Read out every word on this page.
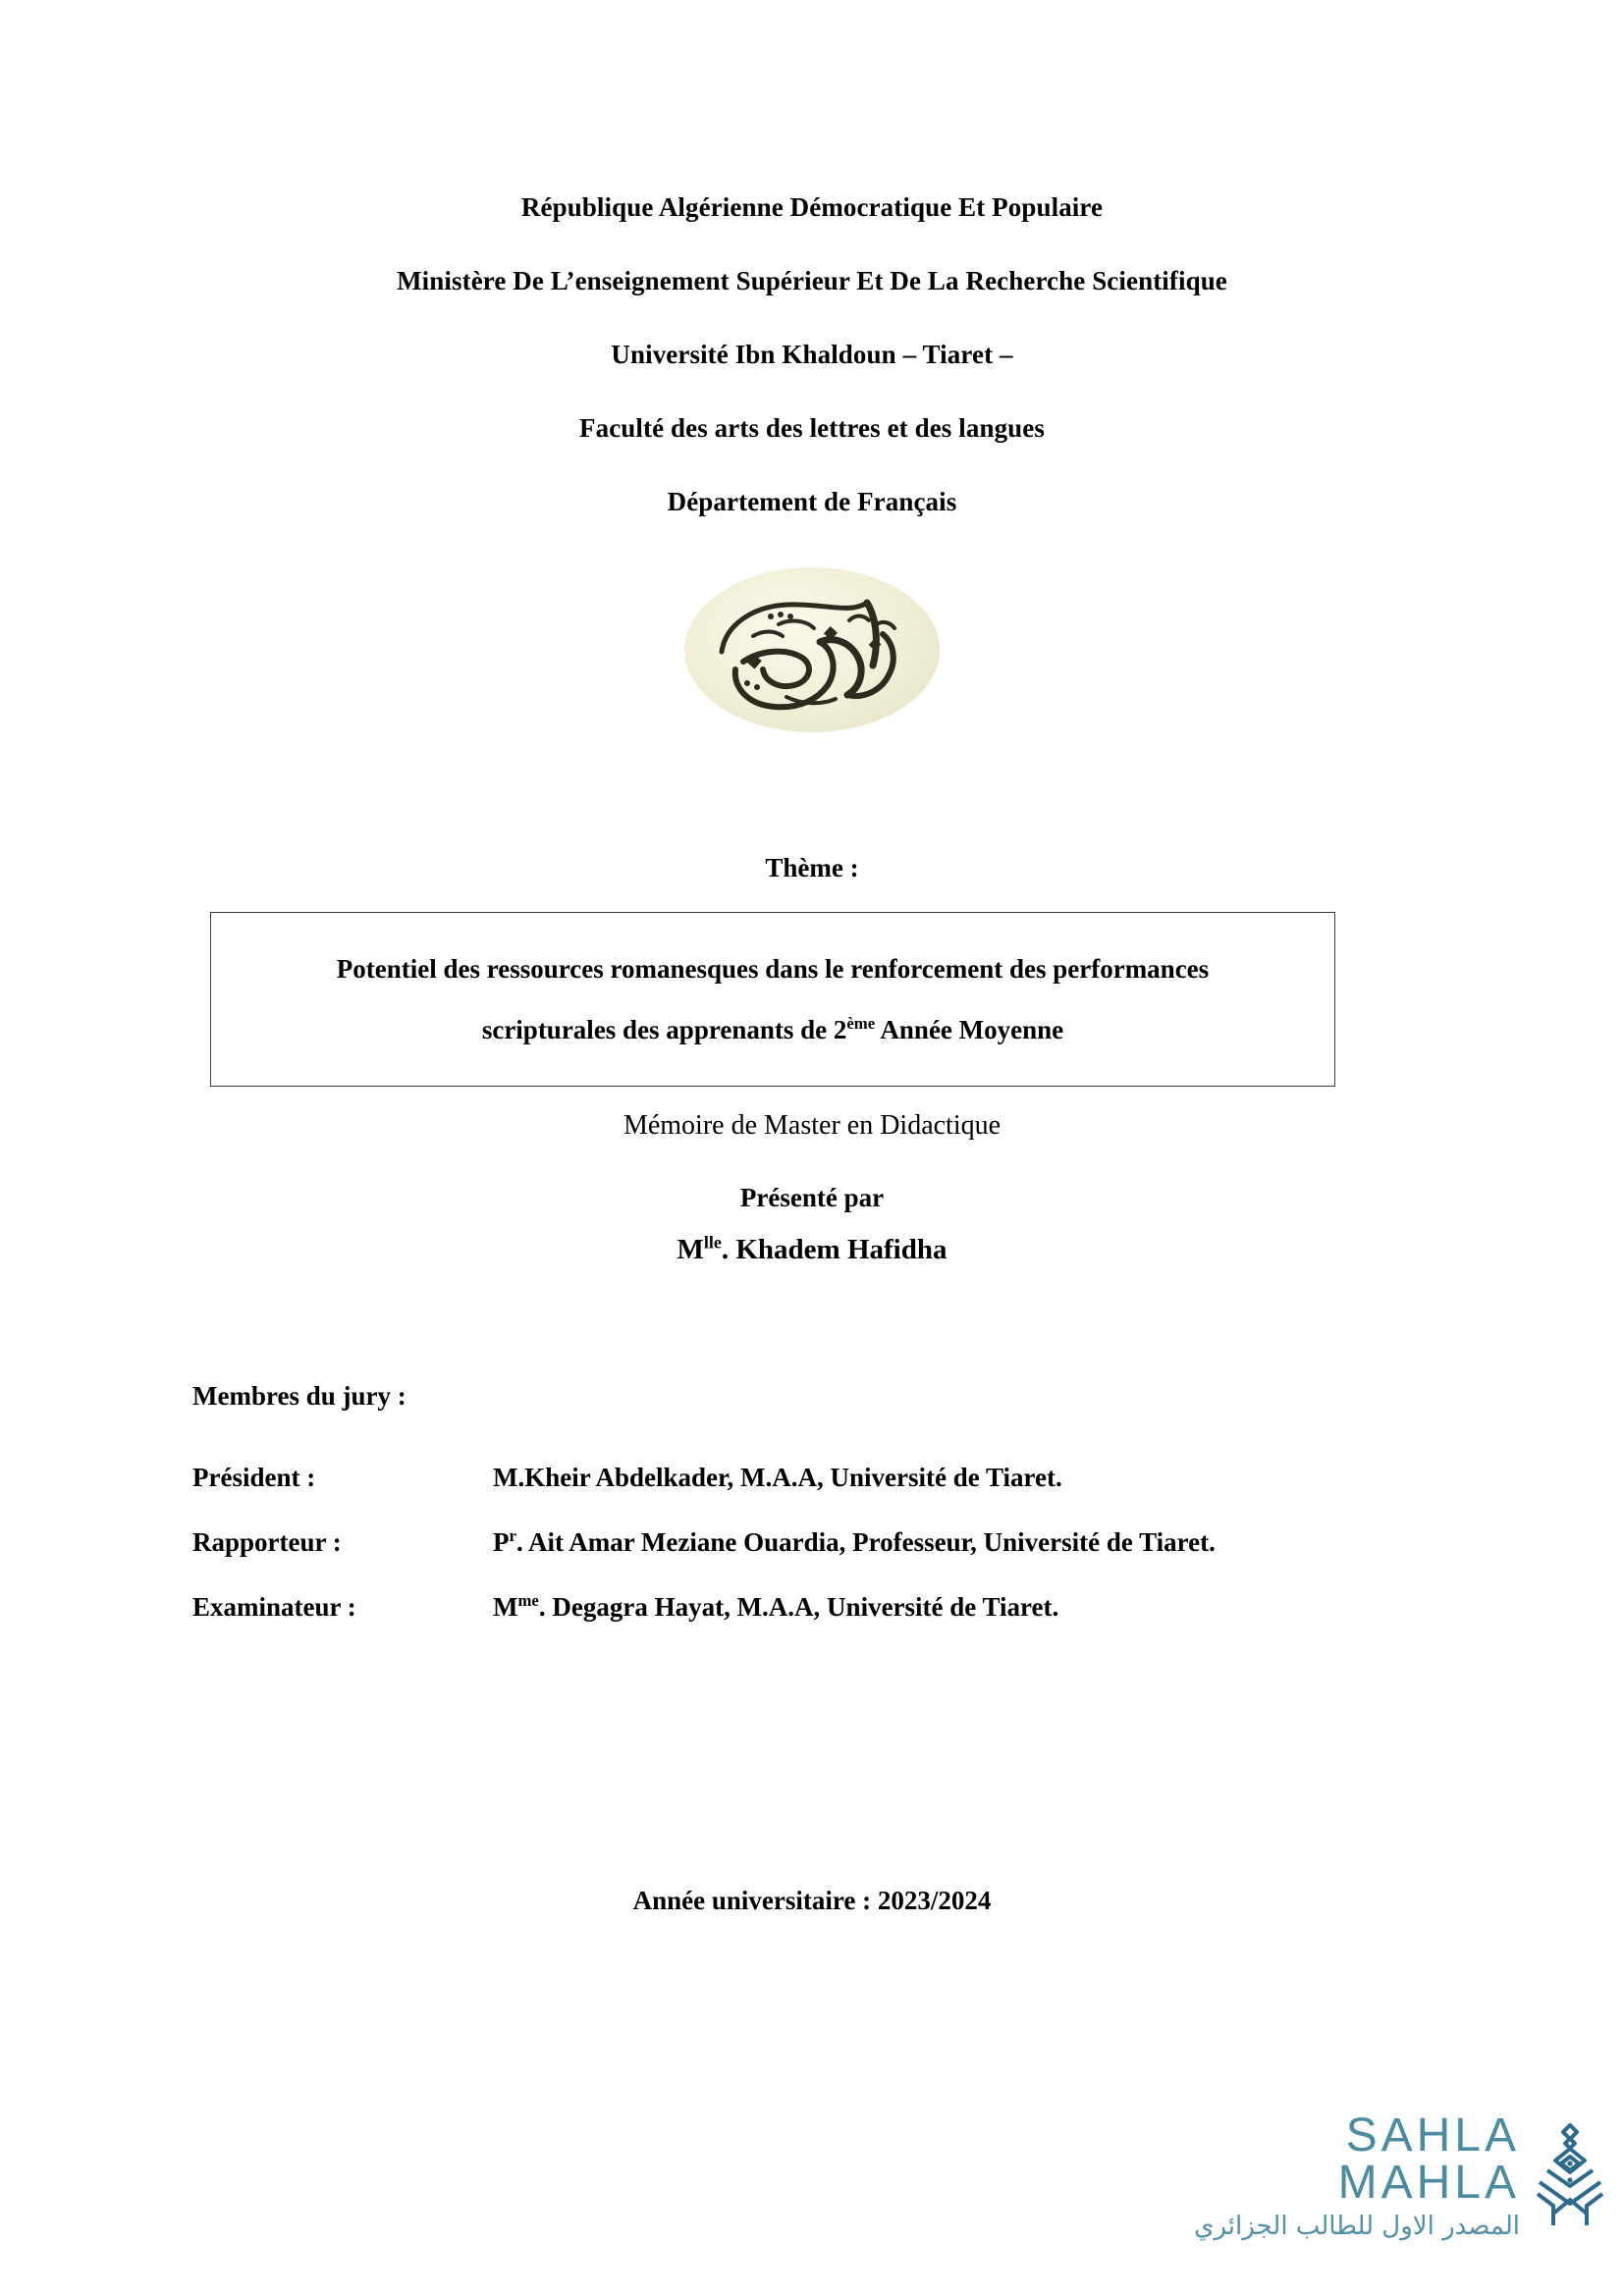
République Algérienne Démocratique Et Populaire
Ministère De L’enseignement Supérieur Et De La Recherche Scientifique
Université Ibn Khaldoun – Tiaret –
Faculté des arts des lettres et des langues
Département de Français
Thème :
Potentiel des ressources romanesques dans le renforcement des performances
scripturales des apprenants de 2ème Année Moyenne
Mémoire de Master en Didactique
Présenté par
$M^{lle}$. Khadem Hafidha
Membres du jury :
Président :	M.Kheir Abdelkader, M.A.A, Université de Tiaret.
Rapporteur :	$P^r$. Ait Amar Meziane Ouardia, Professeur, Université de Tiaret.
Examinateur :	$M^{me}$. Degagra Hayat, M.A.A, Université de Tiaret.
Année universitaire : 2023/2024
SAHLA MAHLA
المصدر الاول للطالب الجزائري
